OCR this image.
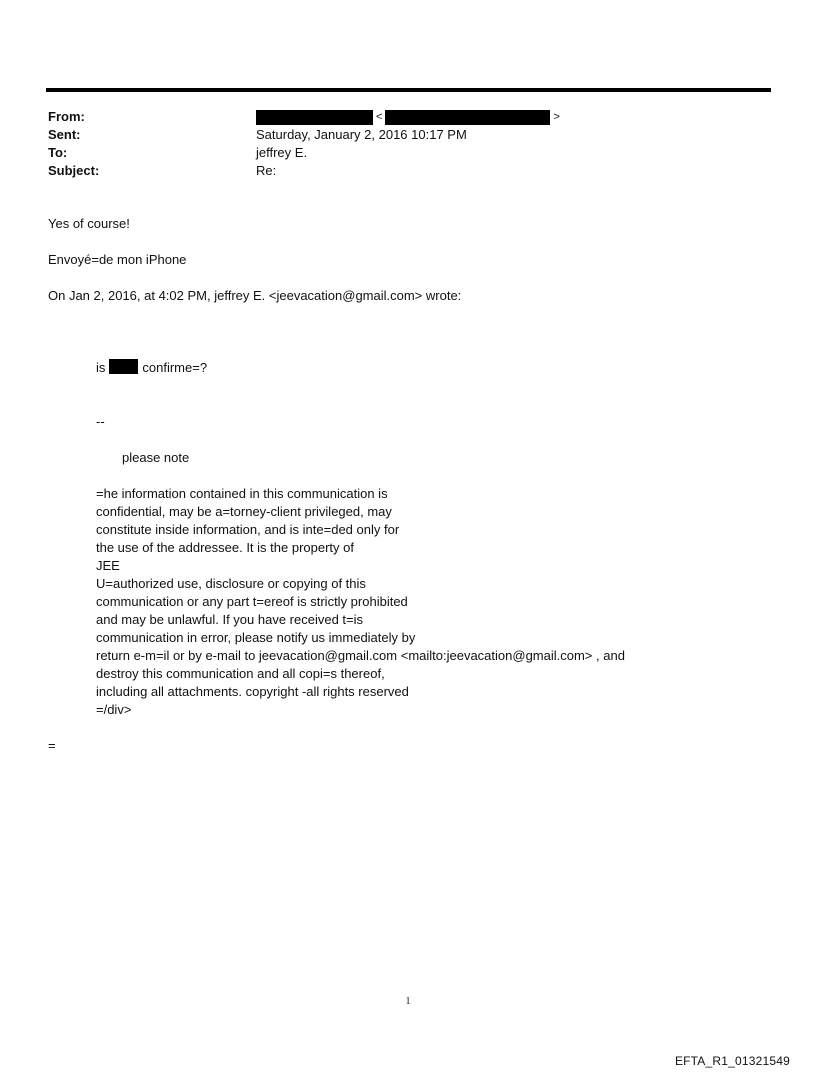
From:	<	>
Sent:	Saturday, January 2, 2016 10:17 PM
To:	jeffrey E.
Subject:	Re:
Yes of course!
Envoyé=de mon iPhone
On Jan 2, 2016, at 4:02 PM, jeffrey E. <jeevacation@gmail.com> wrote:
is	confirme=?
--
please note
=he information contained in this communication is
confidential, may be a=torney-client privileged, may
constitute inside information, and is inte=ded only for
the use of the addressee. It is the property of
JEE
U=authorized use, disclosure or copying of this
communication or any part t=ereof is strictly prohibited
and may be unlawful. If you have received t=is
communication in error, please notify us immediately by
return e-m=il or by e-mail to jeevacation@gmail.com <mailto:jeevacation@gmail.com> , and
destroy this communication and all copi=s thereof,
including all attachments. copyright -all rights reserved
=/div>
=
1
EFTA_R1_01321549
